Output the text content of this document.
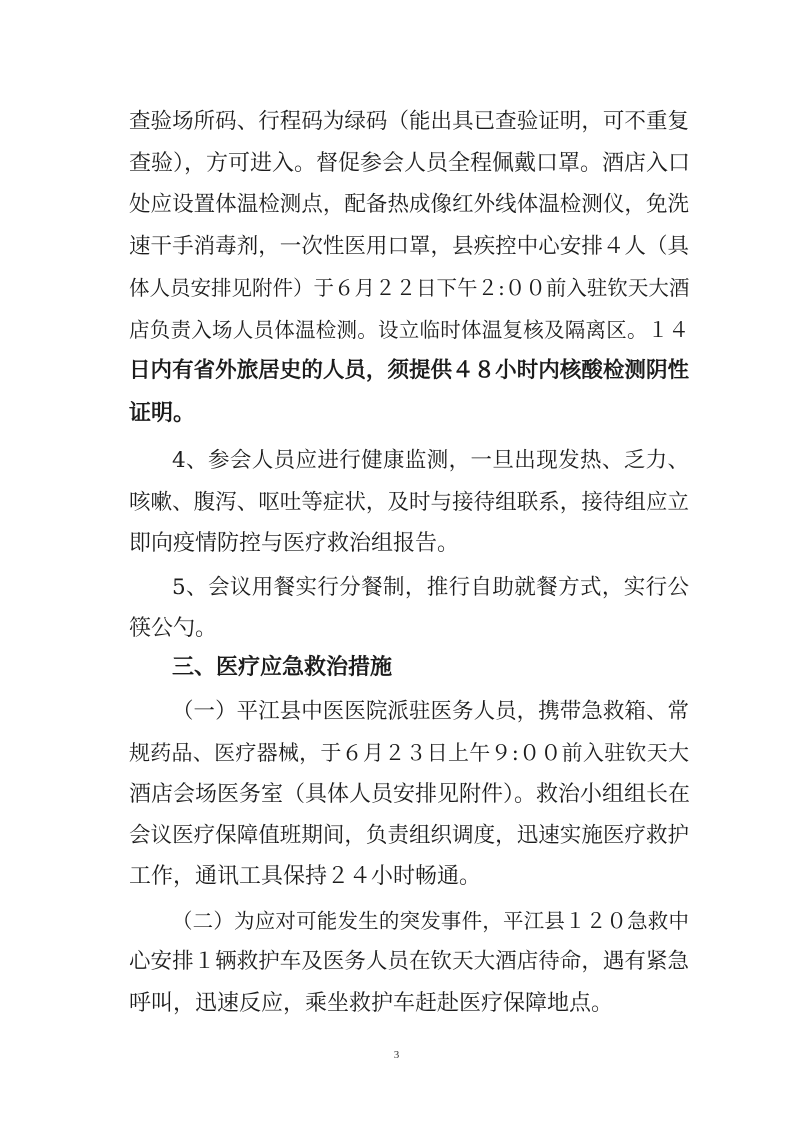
查验场所码、行程码为绿码（能出具已查验证明，可不重复
查验），方可进入。督促参会人员全程佩戴口罩。酒店入口
处应设置体温检测点，配备热成像红外线体温检测仪，免洗
速干手消毒剂，一次性医用口罩，县疾控中心安排４人（具
体人员安排见附件）于６月２２日下午２:００前入驻钦天大酒
店负责入场人员体温检测。设立临时体温复核及隔离区。１４
日内有省外旅居史的人员，须提供４８小时内核酸检测阴性
证明。
4、参会人员应进行健康监测，一旦出现发热、乏力、
咳嗽、腹泻、呕吐等症状，及时与接待组联系，接待组应立
即向疫情防控与医疗救治组报告。
5、会议用餐实行分餐制，推行自助就餐方式，实行公
筷公勺。
三、医疗应急救治措施
（一）平江县中医医院派驻医务人员，携带急救箱、常
规药品、医疗器械，于６月２３日上午９:００前入驻钦天大
酒店会场医务室（具体人员安排见附件）。救治小组组长在
会议医疗保障值班期间，负责组织调度，迅速实施医疗救护
工作，通讯工具保持２４小时畅通。
（二）为应对可能发生的突发事件，平江县１２０急救中
心安排１辆救护车及医务人员在钦天大酒店待命，遇有紧急
呼叫，迅速反应，乘坐救护车赶赴医疗保障地点。
3
